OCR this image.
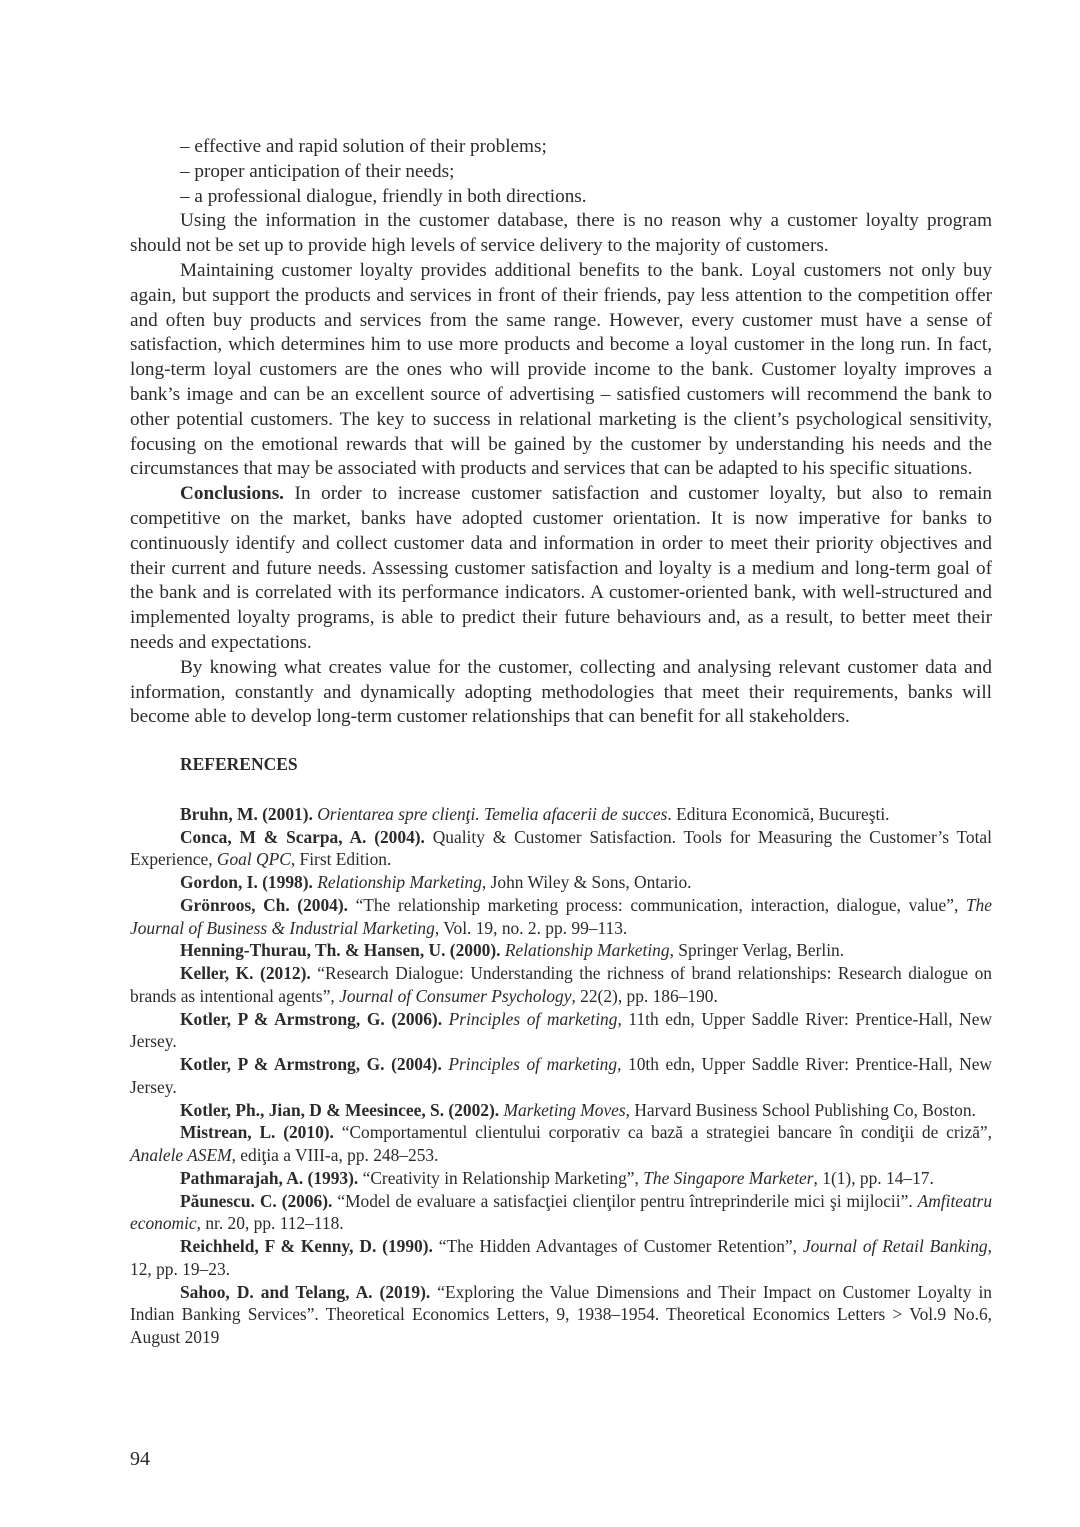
– effective and rapid solution of their problems;

– proper anticipation of their needs;

– a professional dialogue, friendly in both directions.

Using the information in the customer database, there is no reason why a customer loyalty program should not be set up to provide high levels of service delivery to the majority of customers.

Maintaining customer loyalty provides additional benefits to the bank. Loyal customers not only buy again, but support the products and services in front of their friends, pay less attention to the competition offer and often buy products and services from the same range. However, every customer must have a sense of satisfaction, which determines him to use more products and become a loyal customer in the long run. In fact, long-term loyal customers are the ones who will provide income to the bank. Customer loyalty improves a bank’s image and can be an excellent source of advertising – satisfied customers will recommend the bank to other potential customers. The key to success in relational marketing is the client’s psychological sensitivity, focusing on the emotional rewards that will be gained by the customer by understanding his needs and the circumstances that may be associated with products and services that can be adapted to his specific situations.

Conclusions. In order to increase customer satisfaction and customer loyalty, but also to remain competitive on the market, banks have adopted customer orientation. It is now imperative for banks to continuously identify and collect customer data and information in order to meet their priority objectives and their current and future needs. Assessing customer satisfaction and loyalty is a medium and long-term goal of the bank and is correlated with its performance indicators. A customer-oriented bank, with well-structured and implemented loyalty programs, is able to predict their future behaviours and, as a result, to better meet their needs and expectations.

By knowing what creates value for the customer, collecting and analysing relevant customer data and information, constantly and dynamically adopting methodologies that meet their requirements, banks will become able to develop long-term customer relationships that can benefit for all stakeholders.

REFERENCES

Bruhn, M. (2001). Orientarea spre clienţi. Temelia afacerii de succes. Editura Economică, Bucureşti.

Conca, M & Scarpa, A. (2004). Quality & Customer Satisfaction. Tools for Measuring the Customer’s Total Experience, Goal QPC, First Edition.

Gordon, I. (1998). Relationship Marketing, John Wiley & Sons, Ontario.

Grönroos, Ch. (2004). “The relationship marketing process: communication, interaction, dialogue, value”, The Journal of Business & Industrial Marketing, Vol. 19, no. 2. pp. 99–113.

Henning-Thurau, Th. & Hansen, U. (2000). Relationship Marketing, Springer Verlag, Berlin.

Keller, K. (2012). “Research Dialogue: Understanding the richness of brand relationships: Research dialogue on brands as intentional agents”, Journal of Consumer Psychology, 22(2), pp. 186–190.

Kotler, P & Armstrong, G. (2006). Principles of marketing, 11th edn, Upper Saddle River: Prentice-Hall, New Jersey.

Kotler, P & Armstrong, G. (2004). Principles of marketing, 10th edn, Upper Saddle River: Prentice-Hall, New Jersey.

Kotler, Ph., Jian, D & Meesincee, S. (2002). Marketing Moves, Harvard Business School Publishing Co, Boston.

Mistrean, L. (2010). “Comportamentul clientului corporativ ca bază a strategiei bancare în condiţii de criză”, Analele ASEM, ediţia a VIII-a, pp. 248–253.

Pathmarajah, A. (1993). “Creativity in Relationship Marketing”, The Singapore Marketer, 1(1), pp. 14–17.

Păunescu. C. (2006). “Model de evaluare a satisfacţiei clienţilor pentru întreprinderile mici şi mijlocii”. Amfiteatru economic, nr. 20, pp. 112–118.

Reichheld, F & Kenny, D. (1990). “The Hidden Advantages of Customer Retention”, Journal of Retail Banking, 12, pp. 19–23.

Sahoo, D. and Telang, A. (2019). “Exploring the Value Dimensions and Their Impact on Customer Loyalty in Indian Banking Services”. Theoretical Economics Letters, 9, 1938–1954. Theoretical Economics Letters > Vol.9 No.6, August 2019

94
